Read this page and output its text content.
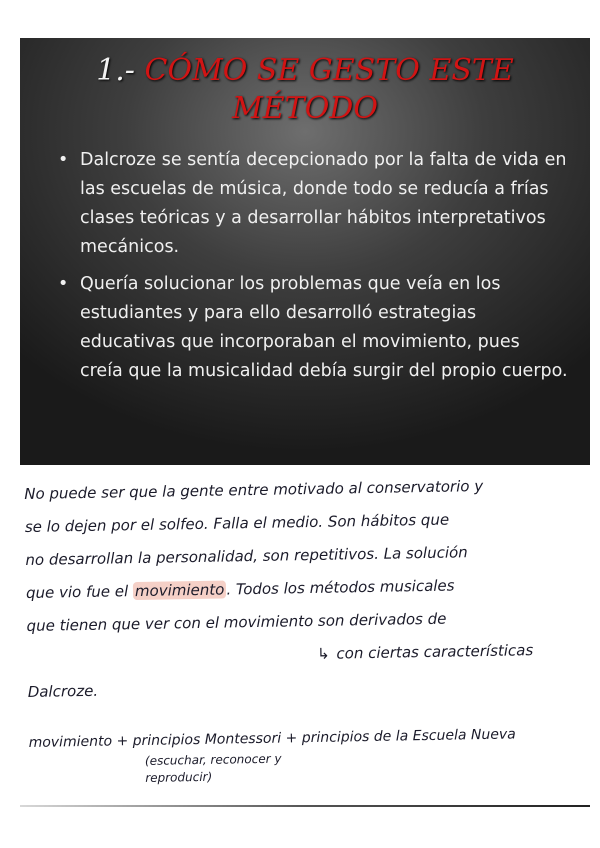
1.- CÓMO SE GESTO ESTE
MÉTODO
• Dalcroze se sentía decepcionado por la falta de vida en las escuelas de música, donde todo se reducía a frías clases teóricas y a desarrollar hábitos interpretativos mecánicos.
• Quería solucionar los problemas que veía en los estudiantes y para ello desarrolló estrategias educativas que incorporaban el movimiento, pues creía que la musicalidad debía surgir del propio cuerpo.
No puede ser que la gente entre motivado al conservatorio y
se lo dejen por el solfeo. Falla el medio. Son hábitos que
no desarrollan la personalidad, son repetitivos. La solución
que vio fue el movimiento . Todos los métodos musicales
que tienen que ver con el movimiento son derivados de
↳ con ciertas características
Dalcroze.
movimiento + principios Montessori + principios de la Escuela Nueva
(escuchar, reconocer y
reproducir)
